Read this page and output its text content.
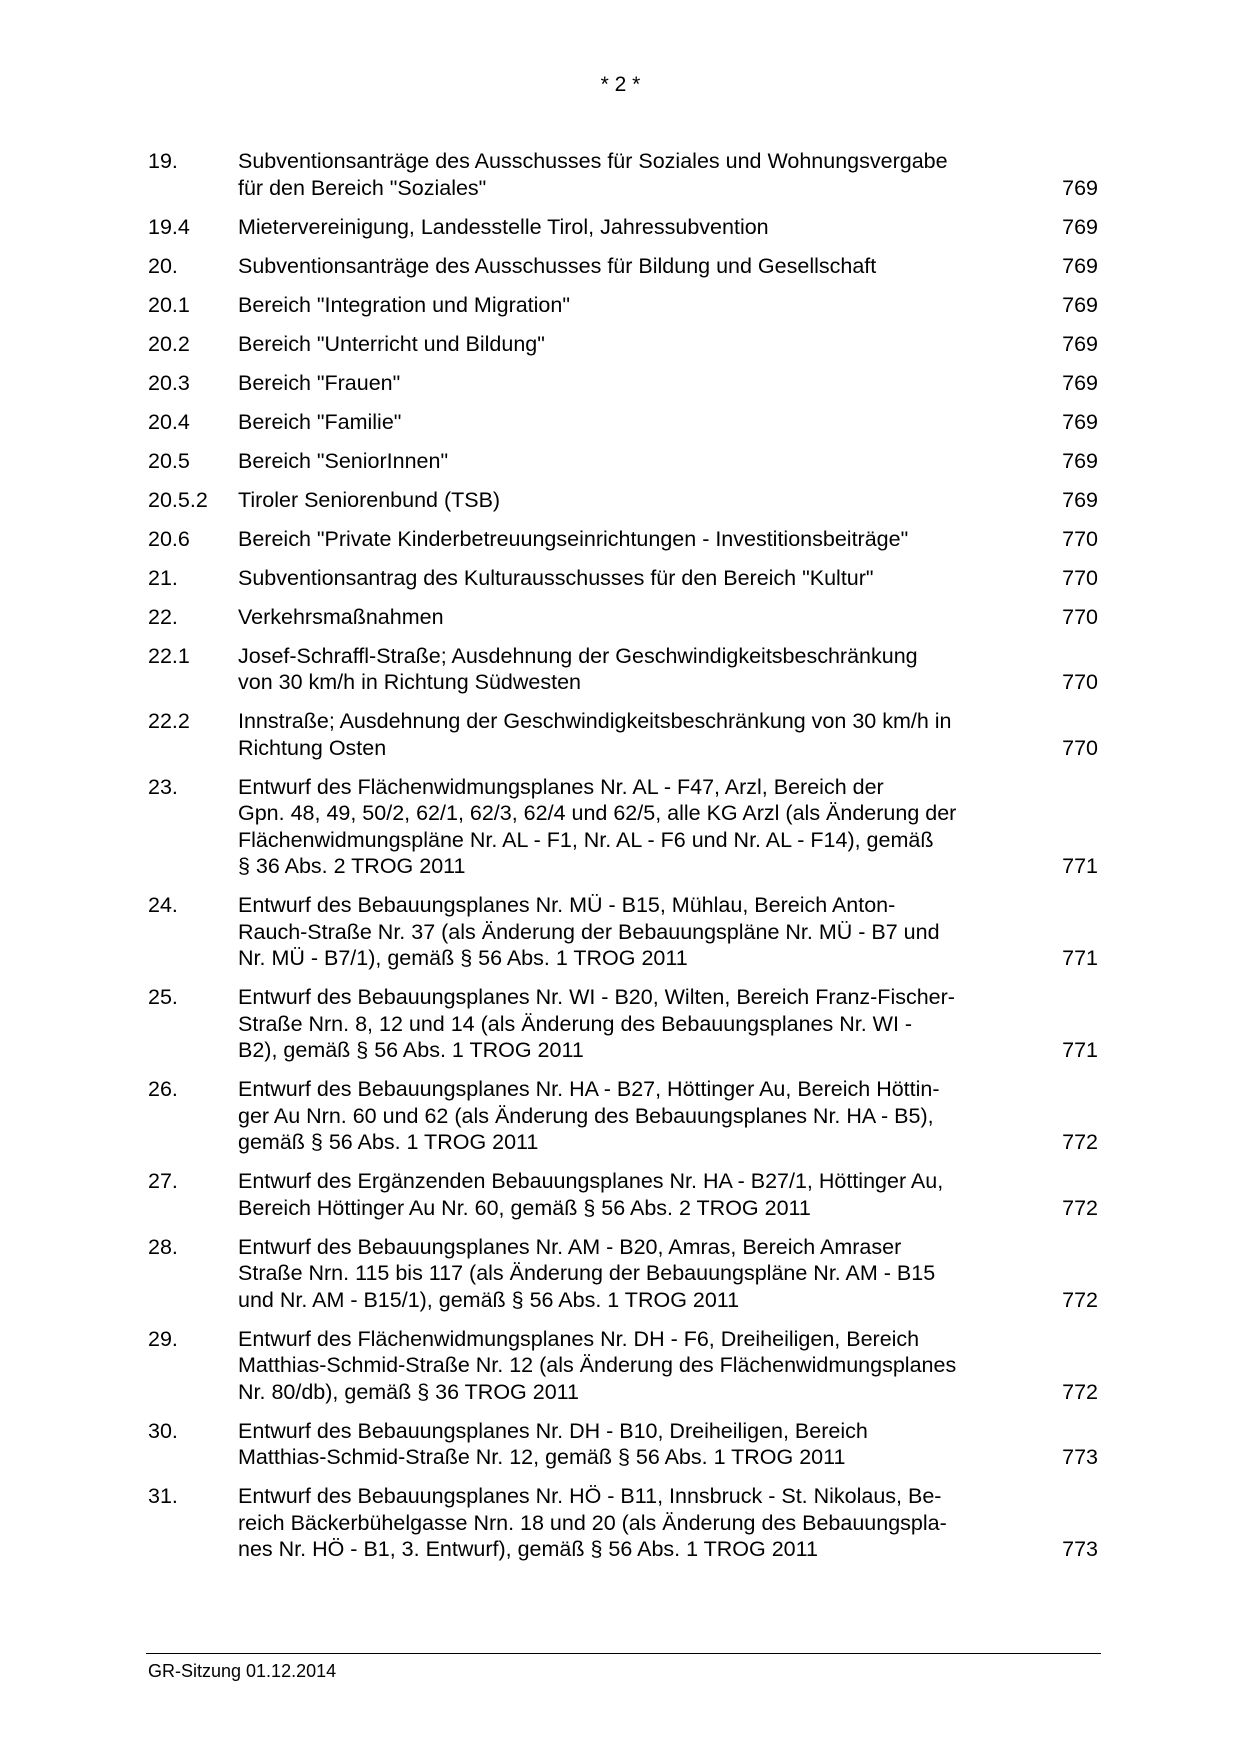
* 2 *
19.	Subventionsanträge des Ausschusses für Soziales und Wohnungsvergabe
für den Bereich "Soziales"	769
19.4	Mietervereinigung, Landesstelle Tirol, Jahressubvention	769
20.	Subventionsanträge des Ausschusses für Bildung und Gesellschaft	769
20.1	Bereich "Integration und Migration"	769
20.2	Bereich "Unterricht und Bildung"	769
20.3	Bereich "Frauen"	769
20.4	Bereich "Familie"	769
20.5	Bereich "SeniorInnen"	769
20.5.2	Tiroler Seniorenbund (TSB)	769
20.6	Bereich "Private Kinderbetreuungseinrichtungen - Investitionsbeiträge"	770
21.	Subventionsantrag des Kulturausschusses für den Bereich "Kultur"	770
22.	Verkehrsmaßnahmen	770
22.1	Josef-Schraffl-Straße; Ausdehnung der Geschwindigkeitsbeschränkung
von 30 km/h in Richtung Südwesten	770
22.2	Innstraße; Ausdehnung der Geschwindigkeitsbeschränkung von 30 km/h in
Richtung Osten	770
23.	Entwurf des Flächenwidmungsplanes Nr. AL - F47, Arzl, Bereich der
Gpn. 48, 49, 50/2, 62/1, 62/3, 62/4 und 62/5, alle KG Arzl (als Änderung der
Flächenwidmungspläne Nr. AL - F1, Nr. AL - F6 und Nr. AL - F14), gemäß
§ 36 Abs. 2 TROG 2011	771
24.	Entwurf des Bebauungsplanes Nr. MÜ - B15, Mühlau, Bereich Anton-
Rauch-Straße Nr. 37 (als Änderung der Bebauungspläne Nr. MÜ - B7 und
Nr. MÜ - B7/1), gemäß § 56 Abs. 1 TROG 2011	771
25.	Entwurf des Bebauungsplanes Nr. WI - B20, Wilten, Bereich Franz-Fischer-
Straße Nrn. 8, 12 und 14 (als Änderung des Bebauungsplanes Nr. WI -
B2), gemäß § 56 Abs. 1 TROG 2011	771
26.	Entwurf des Bebauungsplanes Nr. HA - B27, Höttinger Au, Bereich Höttin-
ger Au Nrn. 60 und 62 (als Änderung des Bebauungsplanes Nr. HA - B5),
gemäß § 56 Abs. 1 TROG 2011	772
27.	Entwurf des Ergänzenden Bebauungsplanes Nr. HA - B27/1, Höttinger Au,
Bereich Höttinger Au Nr. 60, gemäß § 56 Abs. 2 TROG 2011	772
28.	Entwurf des Bebauungsplanes Nr. AM - B20, Amras, Bereich Amraser
Straße Nrn. 115 bis 117 (als Änderung der Bebauungspläne Nr. AM - B15
und Nr. AM - B15/1), gemäß § 56 Abs. 1 TROG 2011	772
29.	Entwurf des Flächenwidmungsplanes Nr. DH - F6, Dreiheiligen, Bereich
Matthias-Schmid-Straße Nr. 12 (als Änderung des Flächenwidmungsplanes
Nr. 80/db), gemäß § 36 TROG 2011	772
30.	Entwurf des Bebauungsplanes Nr. DH - B10, Dreiheiligen, Bereich
Matthias-Schmid-Straße Nr. 12, gemäß § 56 Abs. 1 TROG 2011	773
31.	Entwurf des Bebauungsplanes Nr. HÖ - B11, Innsbruck - St. Nikolaus, Be-
reich Bäckerbühelgasse Nrn. 18 und 20 (als Änderung des Bebauungspla-
nes Nr. HÖ - B1, 3. Entwurf), gemäß § 56 Abs. 1 TROG 2011	773
GR-Sitzung 01.12.2014
